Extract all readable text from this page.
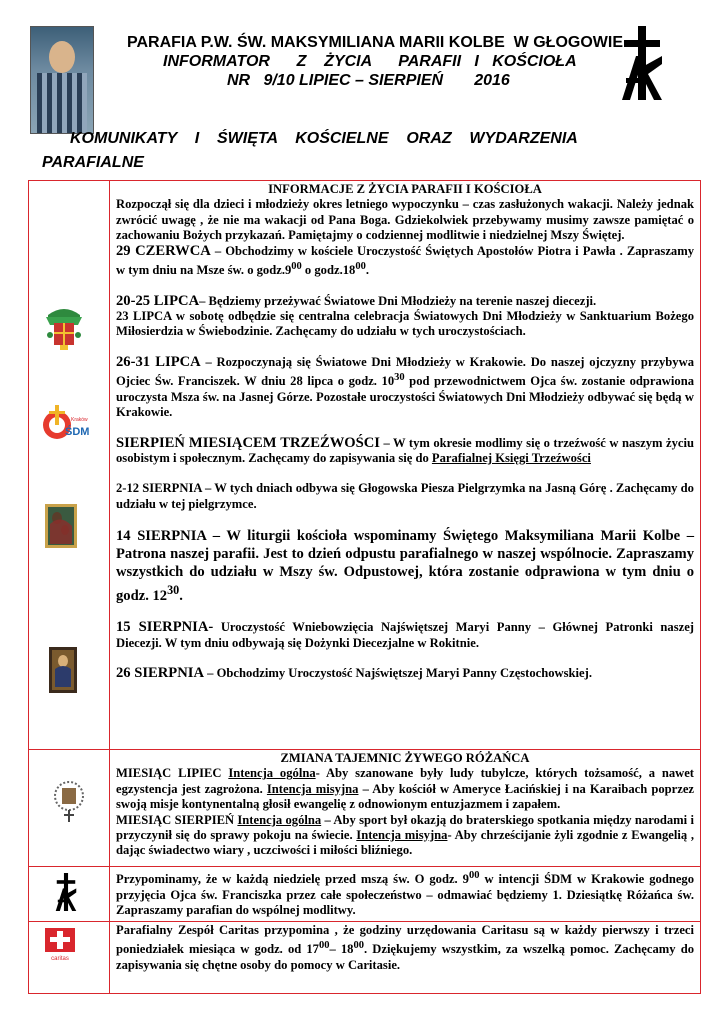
PARAFIA P.W. ŚW. MAKSYMILIANA MARII KOLBE  W GŁOGOWIE
INFORMATOR      Z    ŻYCIA      PARAFII   I   KOŚCIOŁA
NR   9/10 LIPIEC – SIERPIEŃ       2016
KOMUNIKATY    I    ŚWIĘTA    KOŚCIELNE    ORAZ    WYDARZENIA
PARAFIALNE
Kraków
ŚDM

INFORMACJE Z ŻYCIA PARAFII I KOŚCIOŁA

Rozpoczął się dla dzieci i młodzieży okres letniego wypoczynku – czas zasłużonych wakacji. Należy jednak zwrócić uwagę , że nie ma wakacji od Pana Boga. Gdziekolwiek przebywamy musimy zawsze pamiętać o zachowaniu Bożych przykazań. Pamiętajmy o codziennej modlitwie i niedzielnej Mszy Świętej.

29 CZERWCA – Obchodzimy w kościele Uroczystość Świętych Apostołów Piotra i Pawła . Zapraszamy w tym dniu na Msze św. o $godz.9^{00}$ o $godz.18^{00}$.

20-25 LIPCA– Będziemy przeżywać Światowe Dni Młodzieży na terenie naszej diecezji.

23 LIPCA w sobotę odbędzie się centralna celebracja Światowych Dni Młodzieży w Sanktuarium Bożego Miłosierdzia w Świebodzinie. Zachęcamy do udziału w tych uroczystościach.

26-31 LIPCA – Rozpoczynają się Światowe Dni Młodzieży w Krakowie. Do naszej ojczyzny przybywa Ojciec Św. Franciszek. W dniu 28 lipca o godz. $10^{30}$ pod przewodnictwem Ojca św. zostanie odprawiona uroczysta Msza św. na Jasnej Górze. Pozostałe uroczystości Światowych Dni Młodzieży odbywać się będą w Krakowie.

SIERPIEŃ MIESIĄCEM TRZEŹWOŚCI – W tym okresie modlimy się o trzeźwość w naszym życiu osobistym i społecznym. Zachęcamy do zapisywania się do Parafialnej Księgi Trzeźwości

2-12 SIERPNIA – W tych dniach odbywa się Głogowska Piesza Pielgrzymka na Jasną Górę . Zachęcamy do udziału w tej pielgrzymce.

14 SIERPNIA – W liturgii kościoła wspominamy Świętego Maksymiliana Marii Kolbe – Patrona naszej parafii. Jest to dzień odpustu parafialnego w naszej wspólnocie. Zapraszamy wszystkich do udziału w Mszy św. Odpustowej, która zostanie odprawiona w tym dniu o godz. $12^{30}$.

15 SIERPNIA- Uroczystość Wniebowzięcia Najświętszej Maryi Panny – Głównej Patronki naszej Diecezji. W tym dniu odbywają się Dożynki Diecezjalne w Rokitnie.

26 SIERPNIA – Obchodzimy Uroczystość Najświętszej Maryi Panny Częstochowskiej.

ZMIANA TAJEMNIC ŻYWEGO RÓŻAŃCA

MIESIĄC LIPIEC Intencja ogólna- Aby szanowane były ludy tubylcze, których tożsamość, a nawet egzystencja jest zagrożona. Intencja misyjna – Aby kościół w Ameryce Łacińskiej i na Karaibach poprzez swoją misje kontynentalną głosił ewangelię z odnowionym entuzjazmem i zapałem.

MIESIĄC SIERPIEŃ Intencja ogólna – Aby sport był okazją do braterskiego spotkania między narodami i przyczynił się do sprawy pokoju na świecie. Intencja misyjna- Aby chrześcijanie żyli zgodnie z Ewangelią , dając świadectwo wiary , uczciwości i miłości bliźniego.

Przypominamy, że w każdą niedzielę przed mszą św. O godz. $9^{00}$ w intencji ŚDM w Krakowie godnego przyjęcia Ojca św. Franciszka przez całe społeczeństwo – odmawiać będziemy 1. Dziesiątkę Różańca św. Zapraszamy parafian do wspólnej modlitwy.

caritas

Parafialny Zespół Caritas przypomina , że godziny urzędowania Caritasu są w każdy pierwszy i trzeci poniedziałek miesiąca w godz. od $17^{00}-$ $18^{00}$. Dziękujemy wszystkim, za wszelką pomoc. Zachęcamy do zapisywania się chętne osoby do pomocy w Caritasie.
